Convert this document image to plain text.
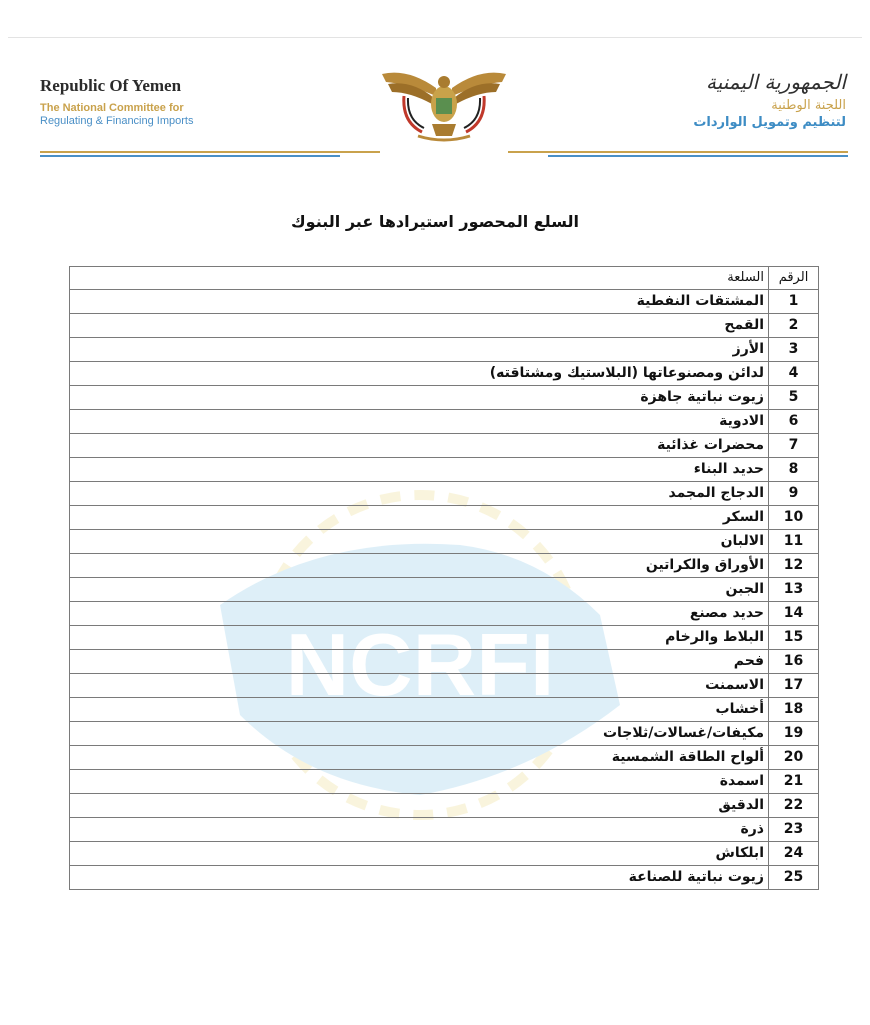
Republic Of Yemen
The National Committee for
Regulating & Financing Imports
الجمهورية اليمنية
اللجنة الوطنية
لتنظيم وتمويل الواردات
NCRFI
السلع المحصور استيرادها عبر البنوك
الرقم	السلعة
1	المشتقات النفطية
2	القمح
3	الأرز
4	لدائن ومصنوعاتها (البلاستيك ومشتاقته)
5	زيوت نباتية جاهزة
6	الادوية
7	محضرات غذائية
8	حديد البناء
9	الدجاج المجمد
10	السكر
11	الالبان
12	الأوراق والكراتين
13	الجبن
14	حديد مصنع
15	البلاط والرخام
16	فحم
17	الاسمنت
18	أخشاب
19	مكيفات/غسالات/ثلاجات
20	ألواح الطاقة الشمسية
21	اسمدة
22	الدقيق
23	ذرة
24	ابلكاش
25	زيوت نباتية للصناعة
